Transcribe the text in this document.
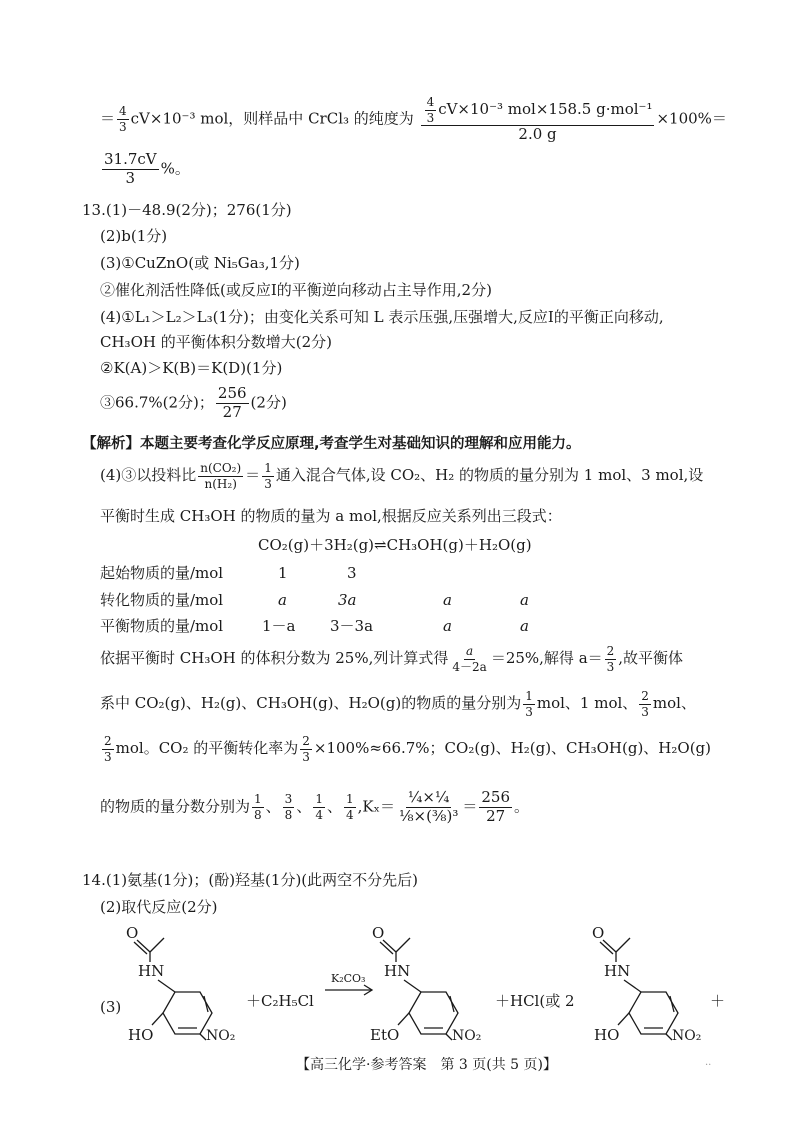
＝ $\frac{4}{3} cV\times 10^{-3}$ mol，则样品中 CrCl₃ 的纯度为 $\frac{\frac{4}{3} cV\times 10^{-3} mol\times 158.5 g\cdot mol^{-1}}{2.0 g} \times 100\%=$
$\frac{31.7cV}{3}$ %。
13.(1)－48.9(2分)；276(1分)
(2)b(1分)
(3)①CuZnO(或 Ni₅Ga₃,1分)
②催化剂活性降低(或反应Ⅰ的平衡逆向移动占主导作用,2分)
(4)①L₁＞L₂＞L₃(1分)；由变化关系可知 L 表示压强,压强增大,反应Ⅰ的平衡正向移动,
CH₃OH 的平衡体积分数增大(2分)
②K(A)＞K(B)＝K(D)(1分)
③66.7%(2分)； $\frac{256}{27} (2$分)
【解析】本题主要考查化学反应原理,考查学生对基础知识的理解和应用能力。
(4)③以投料比 $\frac{\text{n(CO₂)}}{\text{n(H₂)}} = \frac{1}{3}$ 通入混合气体,设 CO₂、H₂ 的物质的量分别为 1 mol、3 mol,设
平衡时生成 CH₃OH 的物质的量为 a mol,根据反应关系列出三段式：
CO₂(g)＋3H₂(g)⇌CH₃OH(g)＋H₂O(g)
起始物质的量/mol	1	3
转化物质的量/mol	a	3a	a	a
平衡物质的量/mol	1－a 3－3a	a	a
依据平衡时 CH₃OH 的体积分数为 25%,列计算式得 $\frac{a}{4-2a} =25\%$,解得 $a= \frac{2}{3}$ ,故平衡体
系中 CO₂(g)、H₂(g)、CH₃OH(g)、H₂O(g)的物质的量分别为 $\frac{1}{3}$ mol、1 mol、 $\frac{2}{3}$ mol、
$\frac{2}{3}$ mol。CO₂ 的平衡转化率为 $\frac{2}{3} \times 100\%\approx 66.7\%$；CO₂(g)、H₂(g)、CH₃OH(g)、H₂O(g)
的物质的量分数分别为 $\frac{1}{8}$ 、 $\frac{3}{8}$ 、 $\frac{1}{4}$ 、 $\frac{1}{4} ,K_x= \frac{\text{¼×¼}}{\text{⅛×(⅜)³}} = \frac{256}{27}$ 。
14.(1)氨基(1分)；(酚)羟基(1分)(此两空不分先后)
(2)取代反应(2分)
O
HN
HO	NO₂
(3)	＋C₂H₅Cl
K₂CO₃
O
HN
EtO	NO₂
＋HCl(或 2
O
HN
HO	NO₂
＋
【高三化学·参考答案　第 3 页(共 5 页)】	..
